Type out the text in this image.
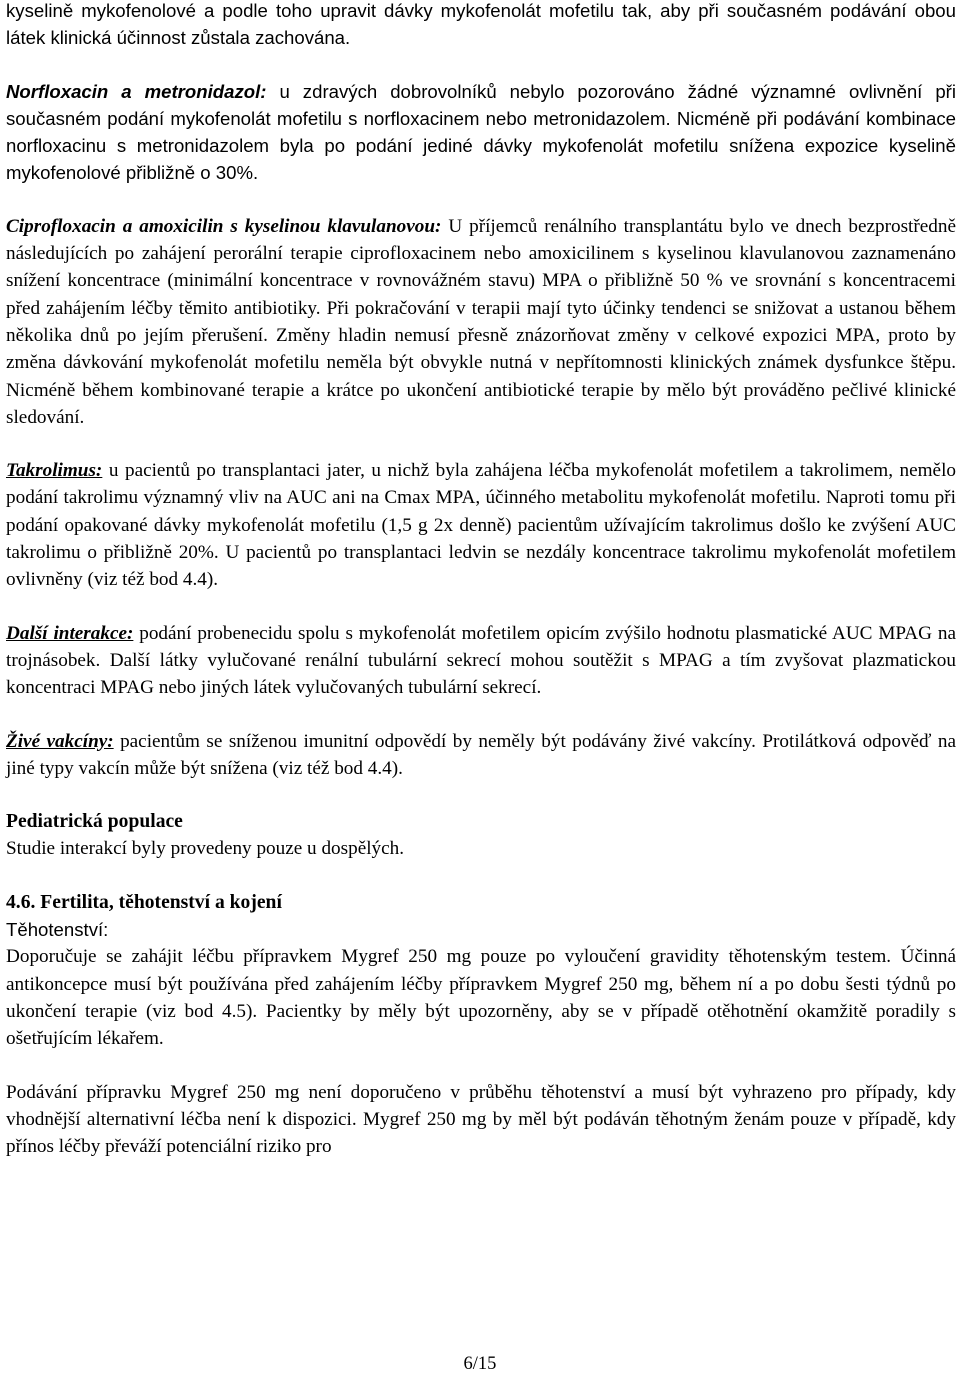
kyselině mykofenolové a podle toho upravit dávky mykofenolát mofetilu tak, aby při současném podávání obou látek klinická účinnost zůstala zachována.

Norfloxacin a metronidazol: u zdravých dobrovolníků nebylo pozorováno žádné významné ovlivnění při současném podání mykofenolát mofetilu s norfloxacinem nebo metronidazolem. Nicméně při podávání kombinace norfloxacinu s metronidazolem byla po podání jediné dávky mykofenolát mofetilu snížena expozice kyselině mykofenolové přibližně o 30%.

Ciprofloxacin a amoxicilin s kyselinou klavulanovou: U příjemců renálního transplantátu bylo ve dnech bezprostředně následujících po zahájení perorální terapie ciprofloxacinem nebo amoxicilinem s kyselinou klavulanovou zaznamenáno snížení koncentrace (minimální koncentrace v rovnovážném stavu) MPA o přibližně 50 % ve srovnání s koncentracemi před zahájením léčby těmito antibiotiky. Při pokračování v terapii mají tyto účinky tendenci se snižovat a ustanou během několika dnů po jejím přerušení. Změny hladin nemusí přesně znázorňovat změny v celkové expozici MPA, proto by změna dávkování mykofenolát mofetilu neměla být obvykle nutná v nepřítomnosti klinických známek dysfunkce štěpu. Nicméně během kombinované terapie a krátce po ukončení antibiotické terapie by mělo být prováděno pečlivé klinické sledování.

Takrolimus: u pacientů po transplantaci jater, u nichž byla zahájena léčba mykofenolát mofetilem a takrolimem, nemělo podání takrolimu významný vliv na AUC ani na Cmax MPA, účinného metabolitu mykofenolát mofetilu. Naproti tomu při podání opakované dávky mykofenolát mofetilu (1,5 g 2x denně) pacientům užívajícím takrolimus došlo ke zvýšení AUC takrolimu o přibližně 20%. U pacientů po transplantaci ledvin se nezdály koncentrace takrolimu mykofenolát mofetilem ovlivněny (viz též bod 4.4).

Další interakce: podání probenecidu spolu s mykofenolát mofetilem opicím zvýšilo hodnotu plasmatické AUC MPAG na trojnásobek. Další látky vylučované renální tubulární sekrecí mohou soutěžit s MPAG a tím zvyšovat plazmatickou koncentraci MPAG nebo jiných látek vylučovaných tubulární sekrecí.

Živé vakcíny: pacientům se sníženou imunitní odpovědí by neměly být podávány živé vakcíny. Protilátková odpověď na jiné typy vakcín může být snížena (viz též bod 4.4).

Pediatrická populace
Studie interakcí byly provedeny pouze u dospělých.

4.6. Fertilita, těhotenství a kojení
Těhotenství:
Doporučuje se zahájit léčbu přípravkem Mygref 250 mg pouze po vyloučení gravidity těhotenským testem. Účinná antikoncepce musí být používána před zahájením léčby přípravkem Mygref 250 mg, během ní a po dobu šesti týdnů po ukončení terapie (viz bod 4.5). Pacientky by měly být upozorněny, aby se v případě otěhotnění okamžitě poradily s ošetřujícím lékařem.

Podávání přípravku Mygref 250 mg není doporučeno v průběhu těhotenství a musí být vyhrazeno pro případy, kdy vhodnější alternativní léčba není k dispozici. Mygref 250 mg by měl být podáván těhotným ženám pouze v případě, kdy přínos léčby převáží potenciální riziko pro

6/15
